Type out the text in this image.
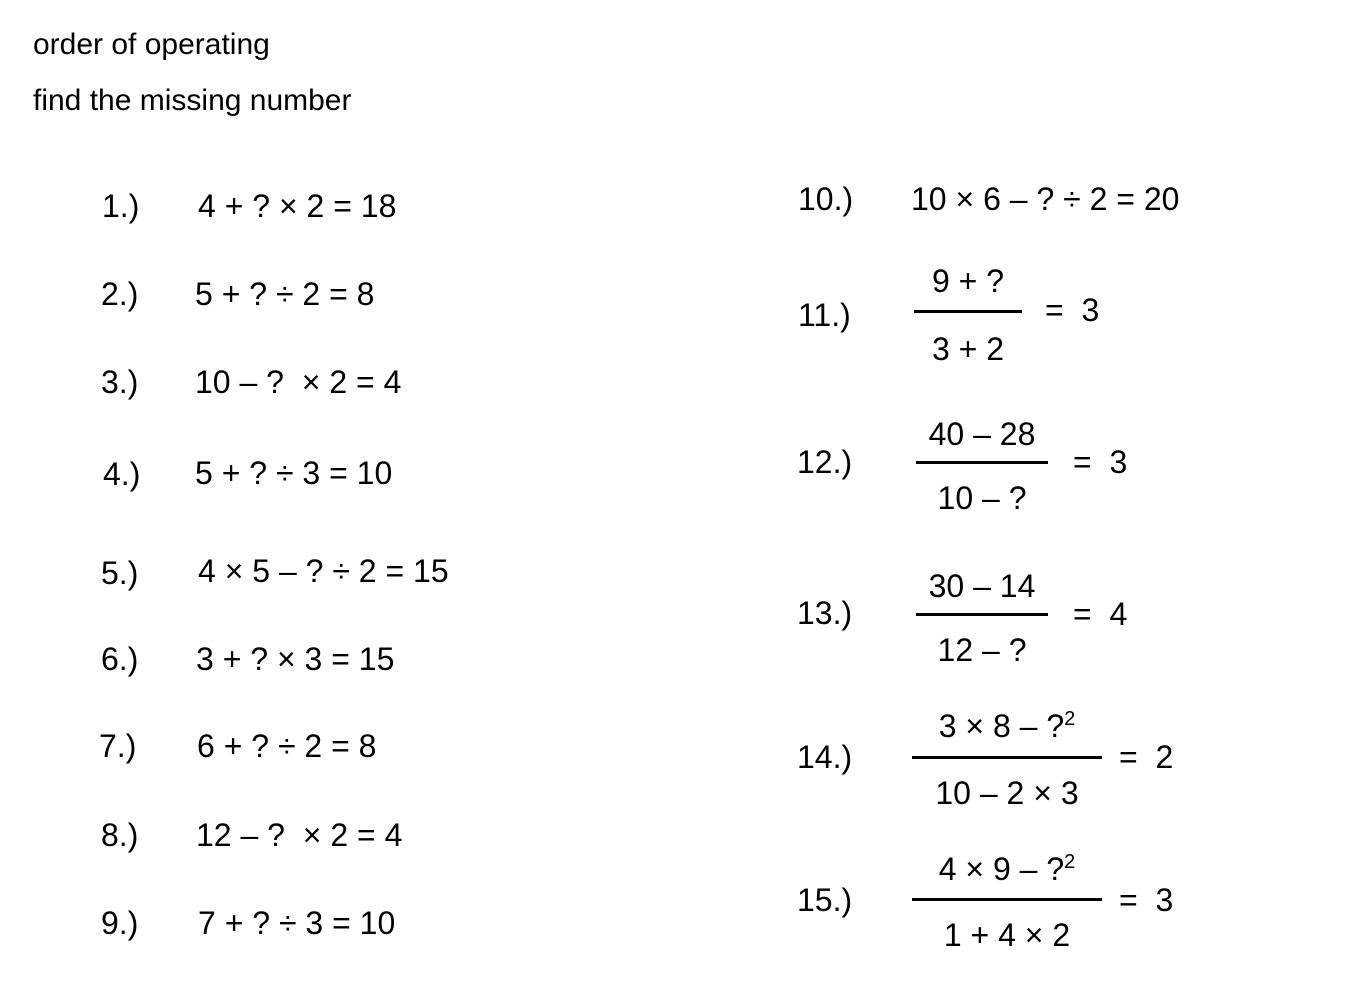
order of operating
find the missing number
1.) 4 + ? × 2 = 18
2.) 5 + ? ÷ 2 = 8
3.) 10 – ?  × 2 = 4
4.) 5 + ? ÷ 3 = 10
5.) 4 × 5 – ? ÷ 2 = 15
6.) 3 + ? × 3 = 15
7.) 6 + ? ÷ 2 = 8
8.) 12 – ?  × 2 = 4
9.) 7 + ? ÷ 3 = 10
10.) 10 × 6 – ? ÷ 2 = 20
11.)
9 + ?
3 + 2
=  3
12.)
40 – 28
10 – ?
=  3
13.)
30 – 14
12 – ?
=  4
14.)
3 × 8 – ?$^2$
10 – 2 × 3
=  2
15.)
4 × 9 – ?$^2$
1 + 4 × 2
=  3
